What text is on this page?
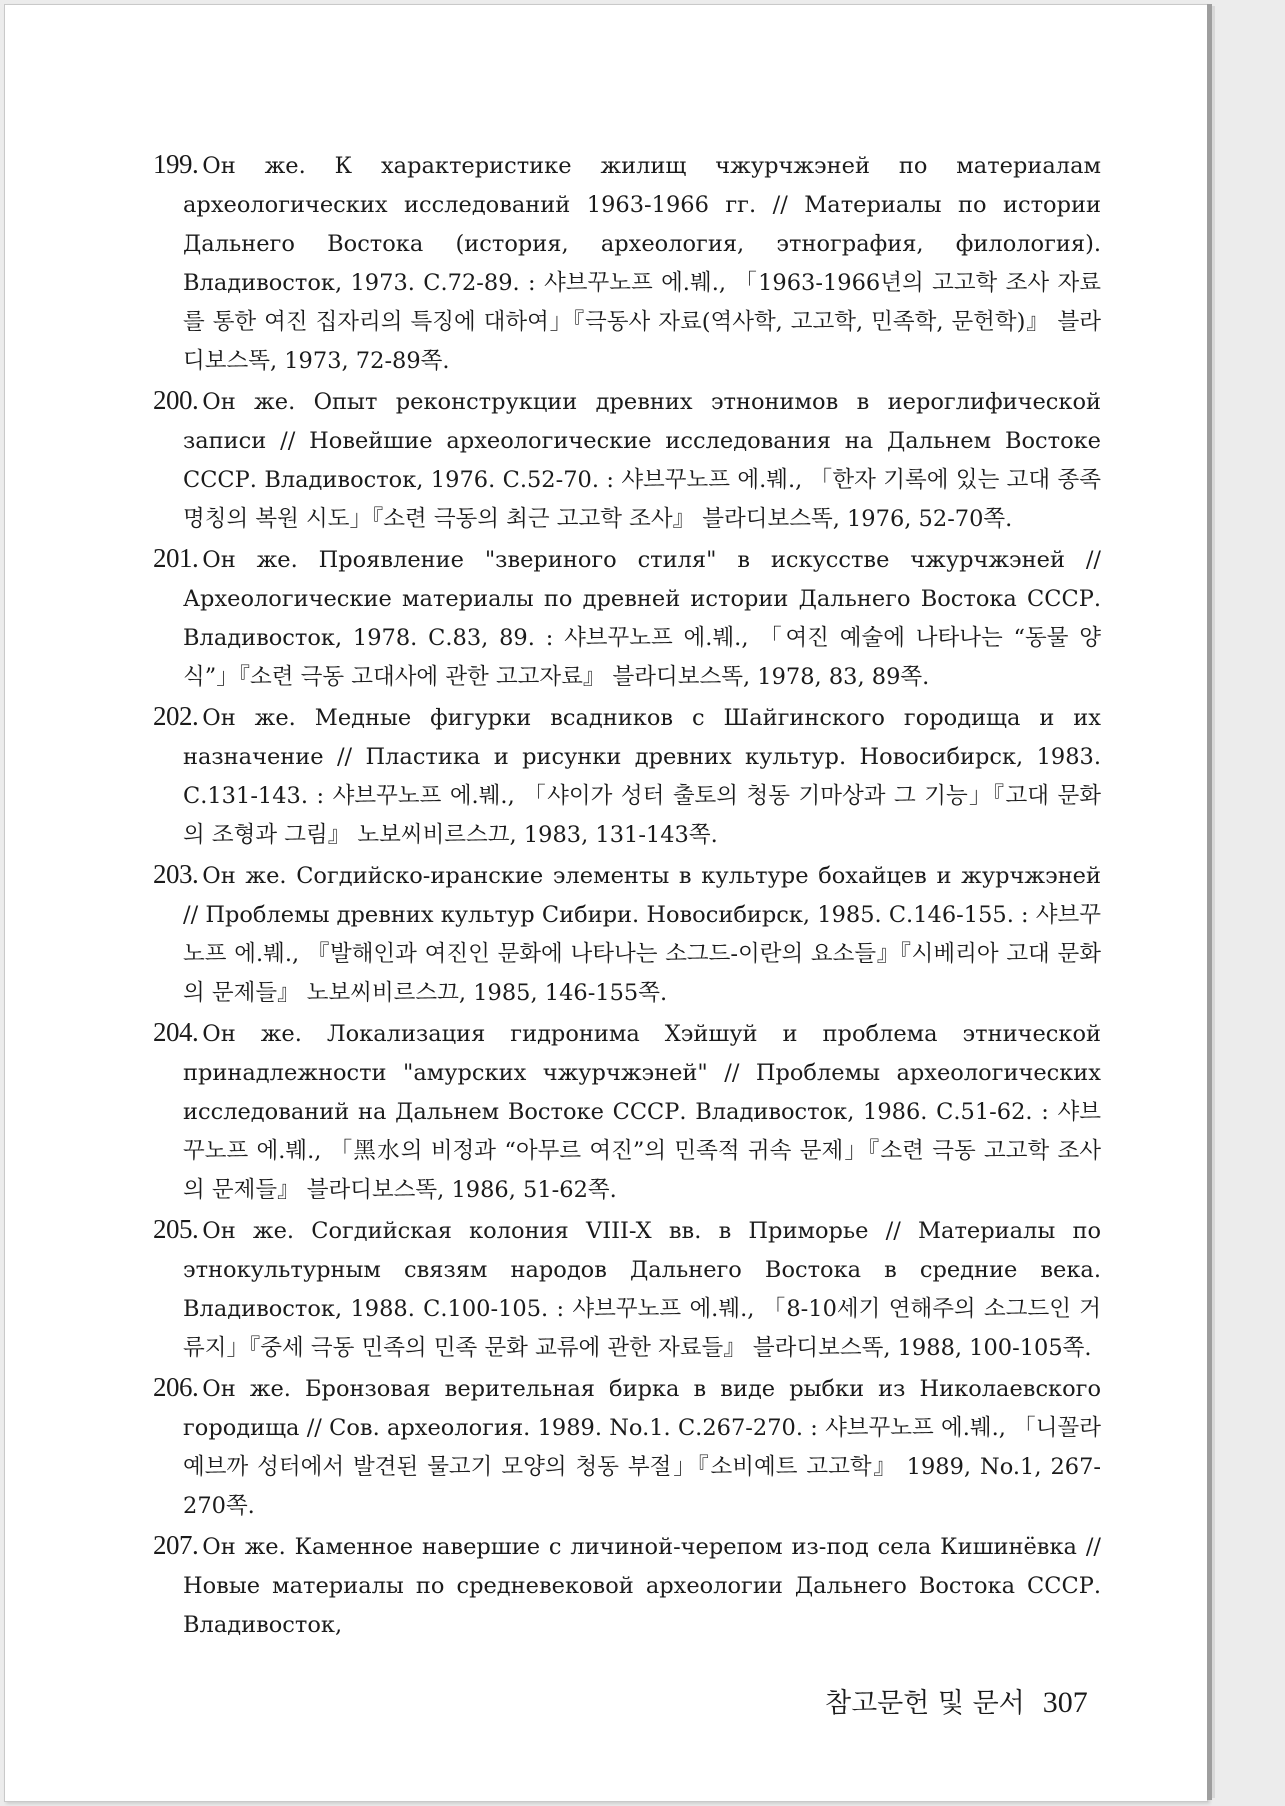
199. Он же. К характеристике жилищ чжурчжэней по материалам археологических исследований 1963-1966 гг. // Материалы по истории Дальнего Востока (история, археология, этнография, филология). Владивосток, 1973. С.72-89. : 샤브꾸노프 에.붸., 「1963-1966년의 고고학 조사 자료를 통한 여진 집자리의 특징에 대하여」『극동사 자료(역사학, 고고학, 민족학, 문헌학)』 블라디보스똑, 1973, 72-89쪽.
200. Он же. Опыт реконструкции древних этнонимов в иероглифической записи // Новейшие археологические исследования на Дальнем Востоке СССР. Владивосток, 1976. С.52-70. : 샤브꾸노프 에.붸., 「한자 기록에 있는 고대 종족 명칭의 복원 시도」『소련 극동의 최근 고고학 조사』 블라디보스똑, 1976, 52-70쪽.
201. Он же. Проявление "звериного стиля" в искусстве чжурчжэней // Археологические материалы по древней истории Дальнего Востока СССР. Владивосток, 1978. С.83, 89. : 샤브꾸노프 에.붸., 「여진 예술에 나타나는 “동물 양식”」『소련 극동 고대사에 관한 고고자료』 블라디보스똑, 1978, 83, 89쪽.
202. Он же. Медные фигурки всадников с Шайгинского городища и их назначение // Пластика и рисунки древних культур. Новосибирск, 1983. С.131-143. : 샤브꾸노프 에.붸., 「샤이가 성터 출토의 청동 기마상과 그 기능」『고대 문화의 조형과 그림』 노보씨비르스끄, 1983, 131-143쪽.
203. Он же. Согдийско-иранские элементы в культуре бохайцев и журчжэней // Проблемы древних культур Сибири. Новосибирск, 1985. С.146-155. : 샤브꾸노프 에.붸., 『발해인과 여진인 문화에 나타나는 소그드-이란의 요소들』『시베리아 고대 문화의 문제들』 노보씨비르스끄, 1985, 146-155쪽.
204. Он же. Локализация гидронима Хэйшуй и проблема этнической принадлежности "амурских чжурчжэней" // Проблемы археологических исследований на Дальнем Востоке СССР. Владивосток, 1986. С.51-62. : 샤브꾸노프 에.붸., 「黑水의 비정과 “아무르 여진”의 민족적 귀속 문제」『소련 극동 고고학 조사의 문제들』 블라디보스똑, 1986, 51-62쪽.
205. Он же. Согдийская колония VIII-X вв. в Приморье // Материалы по этнокультурным связям народов Дальнего Востока в средние века. Владивосток, 1988. С.100-105. : 샤브꾸노프 에.붸., 「8-10세기 연해주의 소그드인 거류지」『중세 극동 민족의 민족 문화 교류에 관한 자료들』 블라디보스똑, 1988, 100-105쪽.
206. Он же. Бронзовая верительная бирка в виде рыбки из Николаевского городища // Сов. археология. 1989. No.1. С.267-270. : 샤브꾸노프 에.붸., 「니꼴라예브까 성터에서 발견된 물고기 모양의 청동 부절」『소비예트 고고학』 1989, No.1, 267-270쪽.
207. Он же. Каменное навершие с личиной-черепом из-под села Кишинёвка // Новые материалы по средневековой археологии Дальнего Востока СССР. Владивосток,
참고문헌 및 문서 307
